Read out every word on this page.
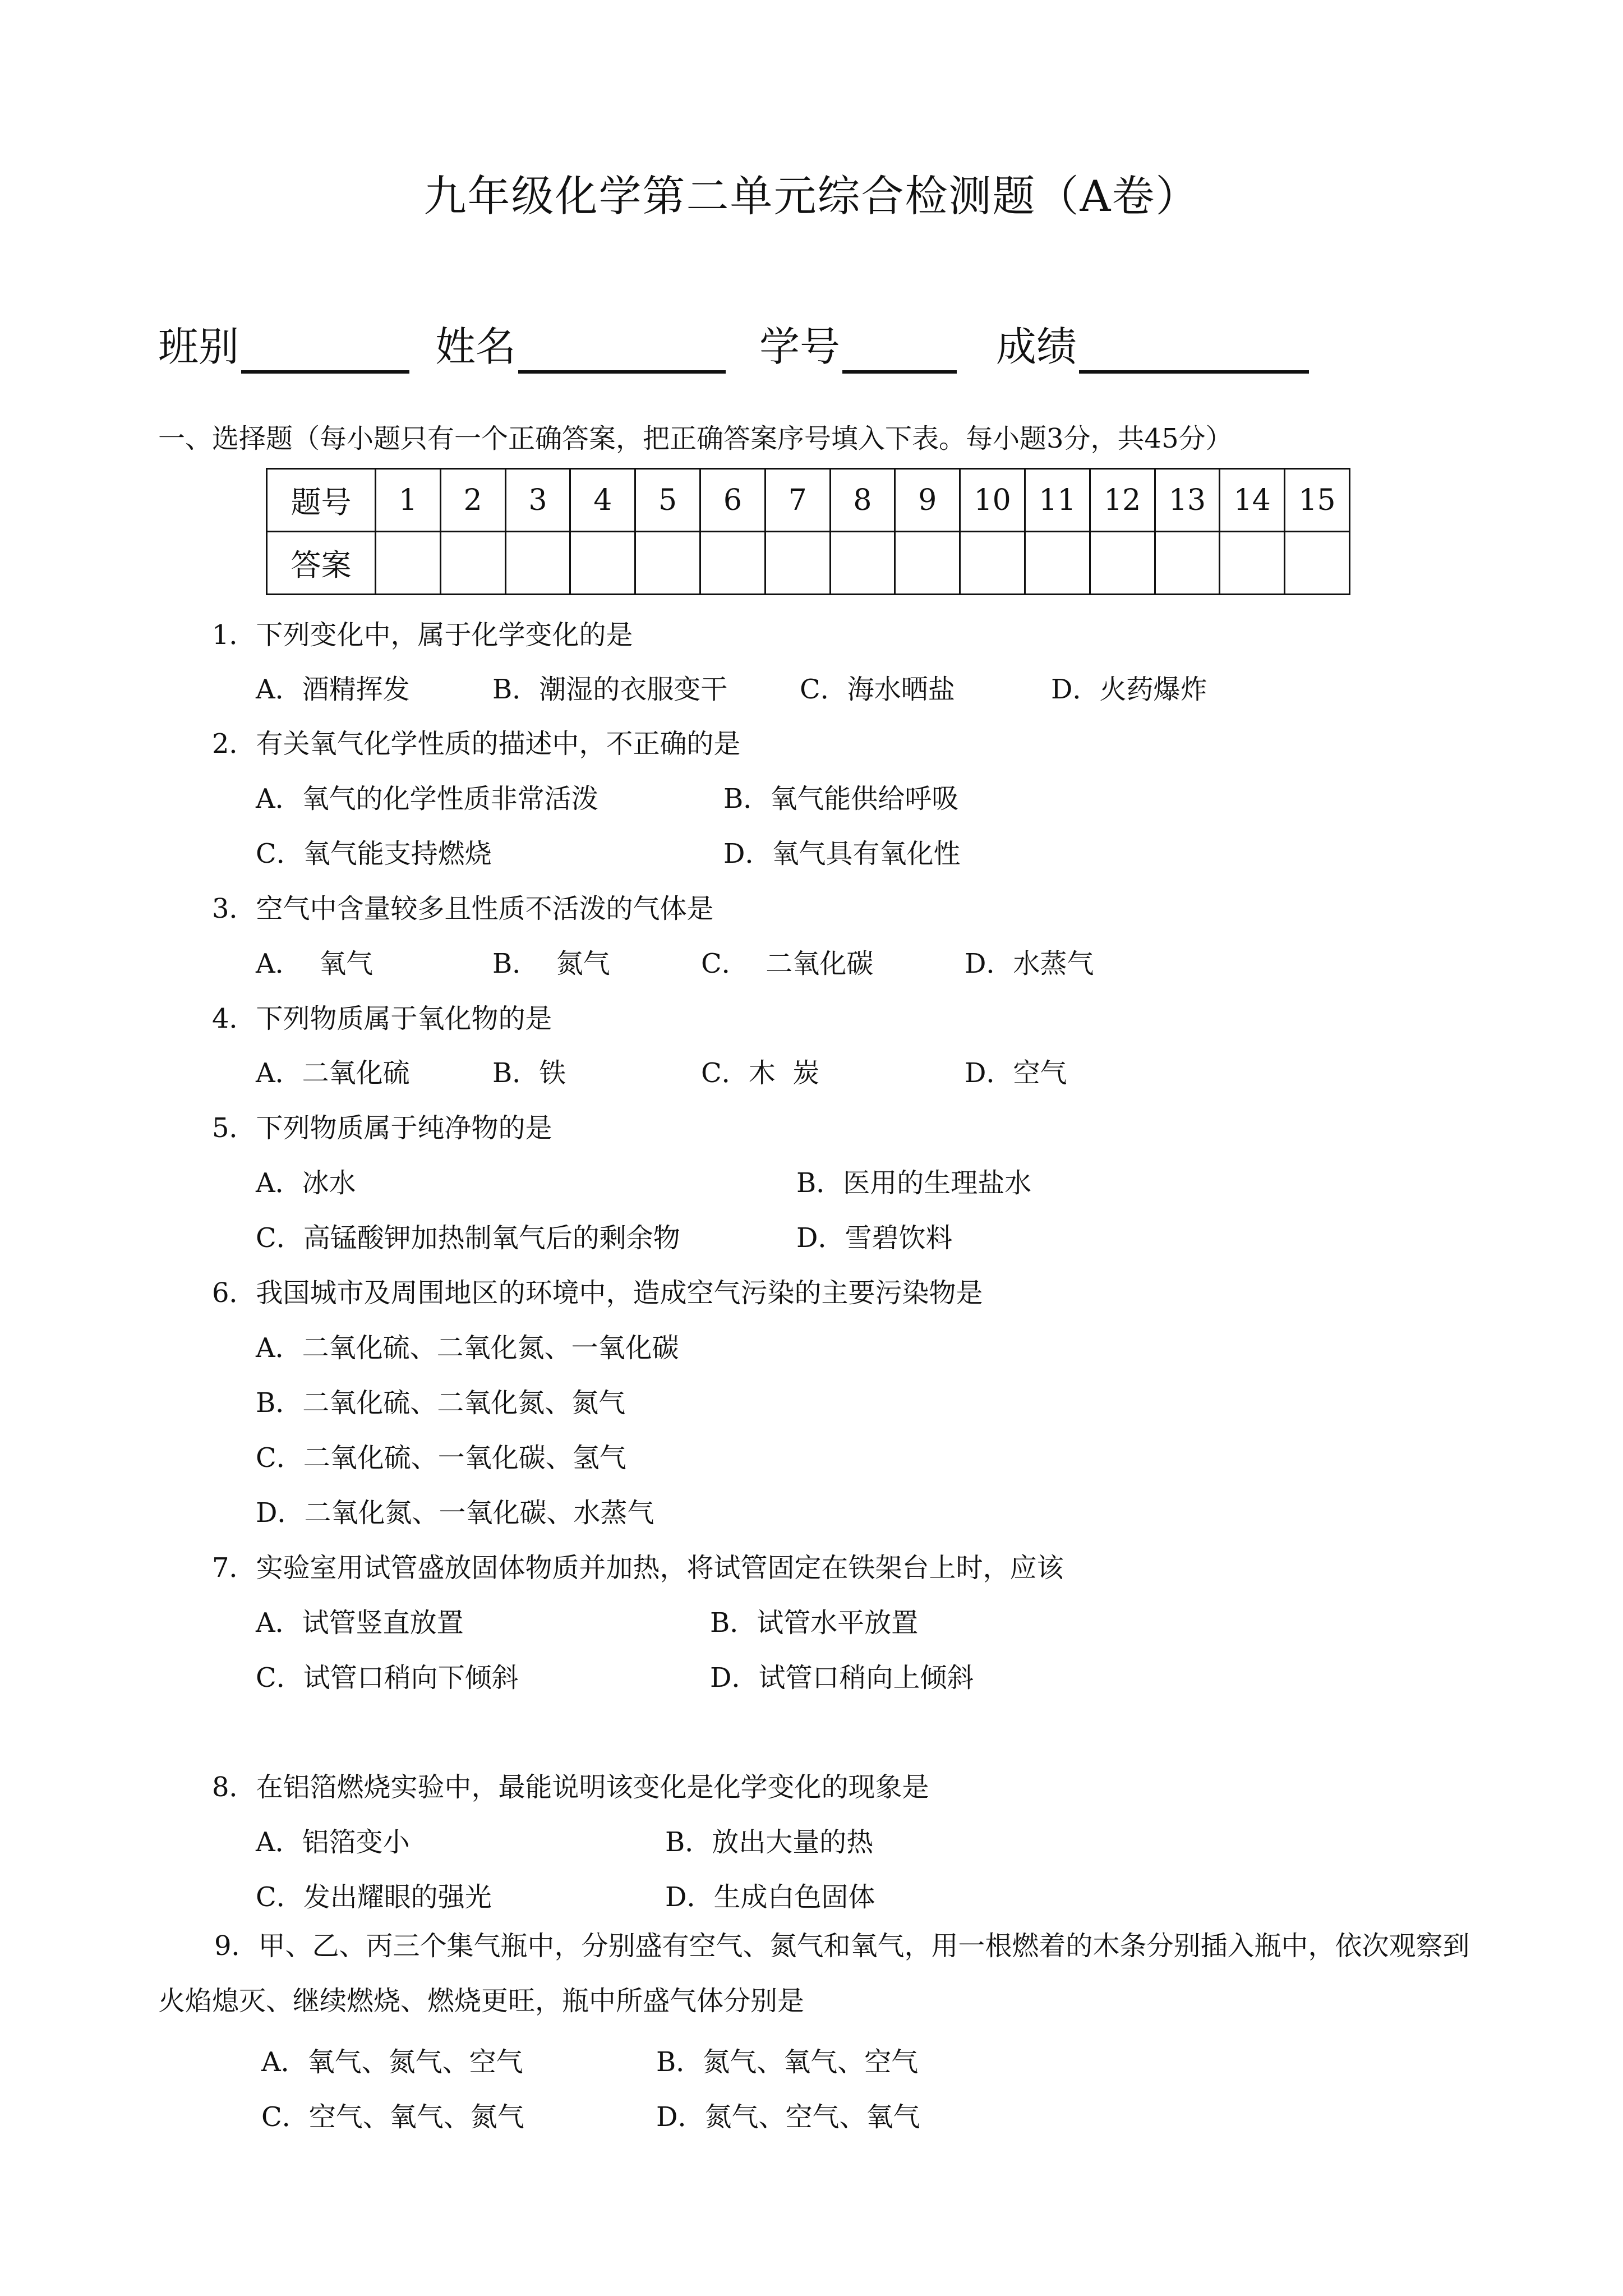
九年级化学第二单元综合检测题（A卷）
班别	姓名	学号	成绩
一、选择题（每小题只有一个正确答案，把正确答案序号填入下表。每小题3分，共45分）
题号	1	2	3	4	5	6	7	8	9	10	11	12	13	14	15
答案															
1．下列变化中，属于化学变化的是
A．酒精挥发	B．潮湿的衣服变干	C．海水晒盐	D．火药爆炸
2．有关氧气化学性质的描述中，不正确的是
A．氧气的化学性质非常活泼	B．氧气能供给呼吸
C．氧气能支持燃烧	D．氧气具有氧化性
3．空气中含量较多且性质不活泼的气体是
A．  氧气	B．  氮气	C．  二氧化碳	D．水蒸气
4．下列物质属于氧化物的是
A．二氧化硫	B．铁	C．木  炭	D．空气
5．下列物质属于纯净物的是
A．冰水	B．医用的生理盐水
C．高锰酸钾加热制氧气后的剩余物	D．雪碧饮料
6．我国城市及周围地区的环境中，造成空气污染的主要污染物是
A．二氧化硫、二氧化氮、一氧化碳
B．二氧化硫、二氧化氮、氮气
C．二氧化硫、一氧化碳、氢气
D．二氧化氮、一氧化碳、水蒸气
7．实验室用试管盛放固体物质并加热，将试管固定在铁架台上时，应该
A．试管竖直放置	B．试管水平放置
C．试管口稍向下倾斜	D．试管口稍向上倾斜
8．在铝箔燃烧实验中，最能说明该变化是化学变化的现象是
A．铝箔变小	B．放出大量的热
C．发出耀眼的强光	D．生成白色固体
9．甲、乙、丙三个集气瓶中，分别盛有空气、氮气和氧气，用一根燃着的木条分别插入瓶中，依次观察到火焰熄灭、继续燃烧、燃烧更旺，瓶中所盛气体分别是
A．氧气、氮气、空气	B．氮气、氧气、空气
C．空气、氧气、氮气	D．氮气、空气、氧气
